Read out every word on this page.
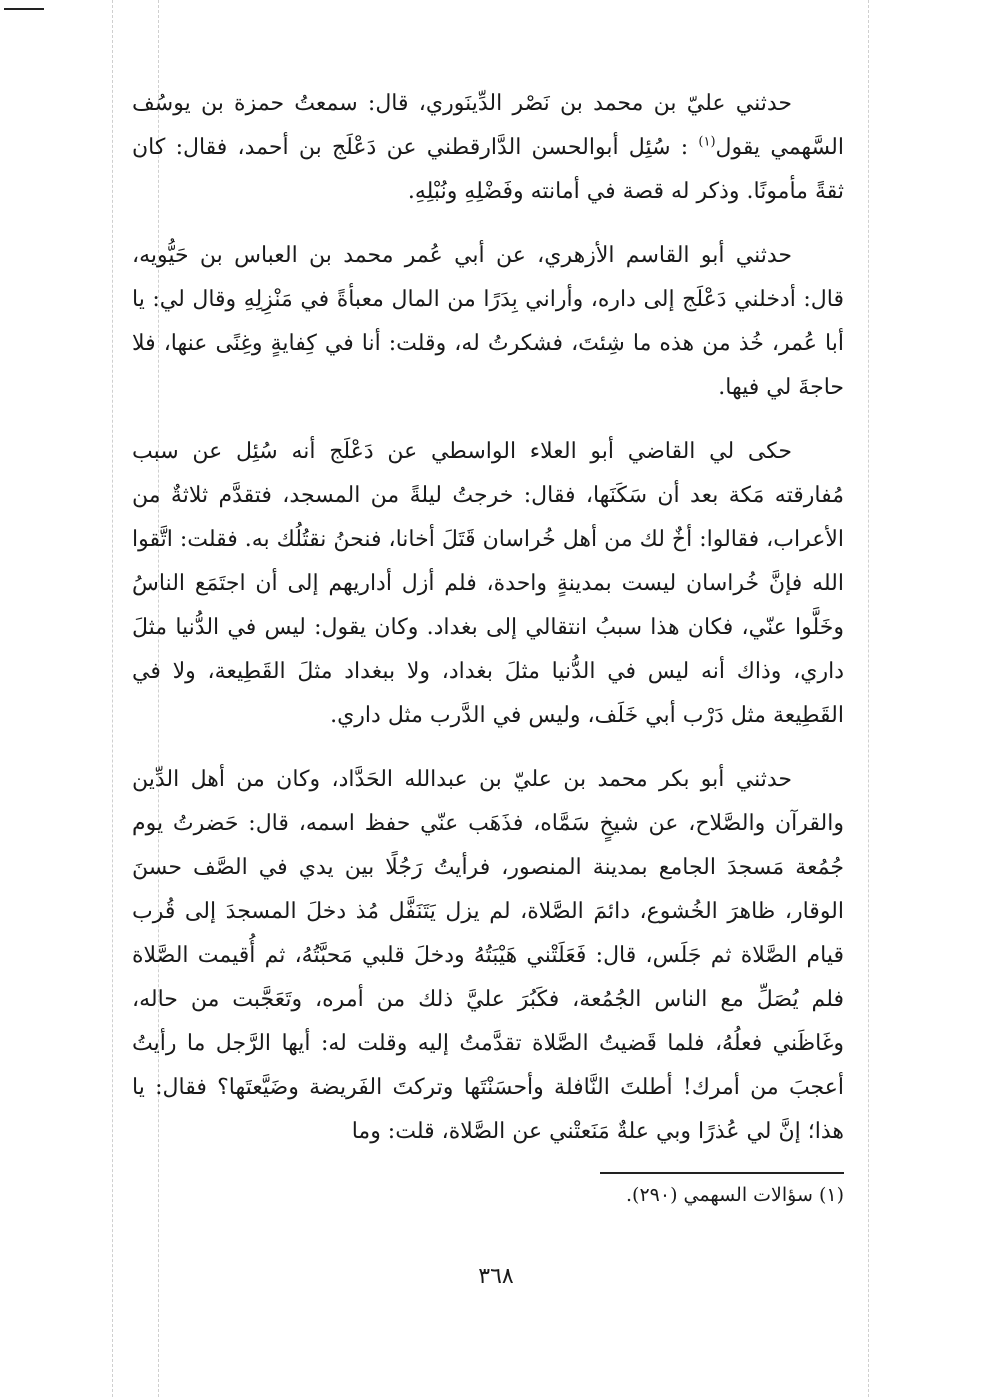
حدثني عليّ بن محمد بن نَصْر الدِّينَوري، قال: سمعتُ حمزة بن يوسُف السَّهمي يقول$^{(١)}$ : سُئِل أبوالحسن الدَّارقطني عن دَعْلَج بن أحمد، فقال: كان ثقةً مأمونًا. وذكر له قصة في أمانته وفَضْلِهِ ونُبْلِهِ.

حدثني أبو القاسم الأزهري، عن أبي عُمر محمد بن العباس بن حَيُّويه، قال: أدخلني دَعْلَج إلى داره، وأراني بِدَرًا من المال معبأةً في مَنْزِلِهِ وقال لي: يا أبا عُمر، خُذ من هذه ما شِئتَ، فشكرتُ له، وقلت: أنا في كِفايةٍ وغِنًى عنها، فلا حاجةَ لي فيها.

حكى لي القاضي أبو العلاء الواسطي عن دَعْلَج أنه سُئِل عن سبب مُفارقته مَكة بعد أن سَكَنَها، فقال: خرجتُ ليلةً من المسجد، فتقدَّم ثلاثةٌ من الأعراب، فقالوا: أخٌ لك من أهل خُراسان قَتَلَ أخانا، فنحنُ نقتُلُك به. فقلت: اتَّقوا الله فإنَّ خُراسان ليست بمدينةٍ واحدة، فلم أزل أداريهم إلى أن اجتَمَع الناسُ وخَلَّوا عنّي، فكان هذا سببُ انتقالي إلى بغداد. وكان يقول: ليس في الدُّنيا مثلَ داري، وذاك أنه ليس في الدُّنيا مثلَ بغداد، ولا ببغداد مثلَ القَطِيعة، ولا في القَطِيعة مثل دَرْب أبي خَلَف، وليس في الدَّرب مثل داري.

حدثني أبو بكر محمد بن عليّ بن عبدالله الحَدَّاد، وكان من أهل الدِّين والقرآن والصَّلاح، عن شيخٍ سَمَّاه، فذَهَب عنّي حفظ اسمه، قال: حَضرتُ يوم جُمُعة مَسجدَ الجامع بمدينة المنصور، فرأيتُ رَجُلًا بين يدي في الصَّف حسنَ الوقار، ظاهرَ الخُشوع، دائمَ الصَّلاة، لم يزل يَتَنَفَّل مُذ دخلَ المسجدَ إلى قُرب قيام الصَّلاة ثم جَلَس، قال: فَعَلَتْني هَيْبَتُهُ ودخلَ قلبي مَحبَّتُهُ، ثم أُقيمت الصَّلاة فلم يُصَلِّ مع الناس الجُمُعة، فكَبُرَ عليَّ ذلك من أمره، وتَعَجَّبت من حاله، وغَاظَني فعلُهُ، فلما قَضيتُ الصَّلاة تقدَّمتُ إليه وقلت له: أيها الرَّجل ما رأيتُ أعجبَ من أمرك! أطلتَ النَّافلة وأحسَنْتَها وتركتَ الفَريضة وضَيَّعتَها؟ فقال: يا هذا؛ إنَّ لي عُذرًا وبي علةٌ مَنَعتْني عن الصَّلاة، قلت: وما

(١) سؤالات السهمي (٢٩٠).
٣٦٨
